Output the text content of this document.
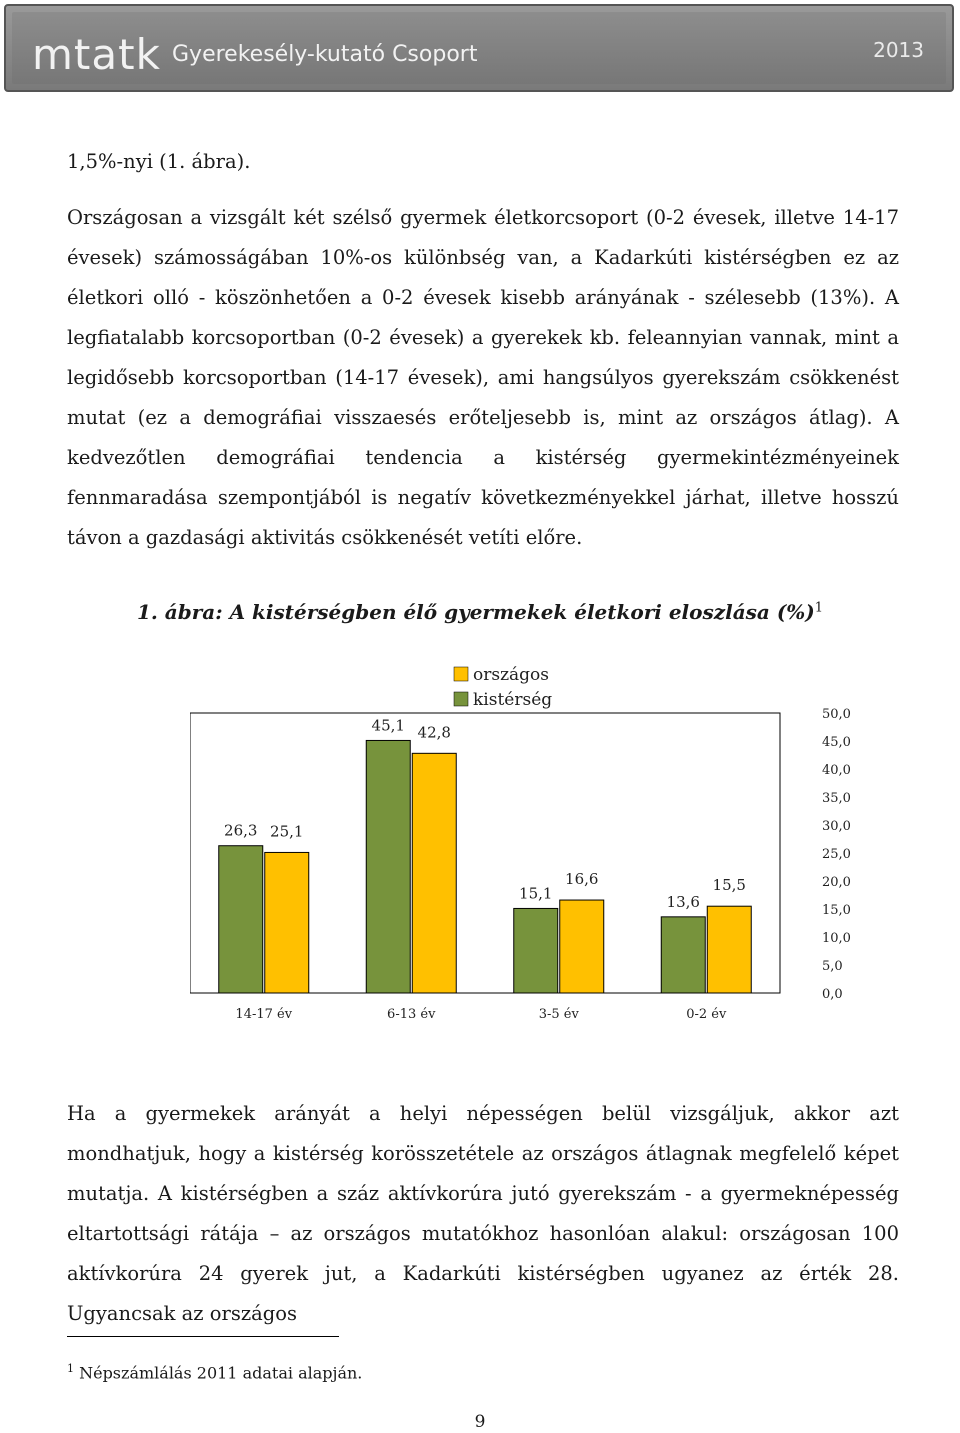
mtatk Gyerekesély-kutató Csoport	2013
1,5%-nyi (1. ábra).
Országosan a vizsgált két szélső gyermek életkorcsoport (0-2 évesek, illetve 14-17 évesek) számosságában 10%-os különbség van, a Kadarkúti kistérségben ez az életkori olló - köszönhetően a 0-2 évesek kisebb arányának - szélesebb (13%). A legfiatalabb korcsoportban (0-2 évesek) a gyerekek kb. feleannyian vannak, mint a legidősebb korcsoportban (14-17 évesek), ami hangsúlyos gyerekszám csökkenést mutat (ez a demográfiai visszaesés erőteljesebb is, mint az országos átlag). A kedvezőtlen demográfiai tendencia a kistérség gyermekintézményeinek fennmaradása szempontjából is negatív következményekkel járhat, illetve hosszú távon a gazdasági aktivitás csökkenését vetíti előre.
1. ábra: A kistérségben élő gyermekek életkori eloszlása (%)$^1$
0,0
5,0
10,0
15,0
20,0
25,0
30,0
35,0
40,0
45,0
50,0
26,3 25,1
14-17 év
45,1 42,8
6-13 év
15,1
16,6
3-5 év
13,6
15,5
0-2 év
országos
kistérség
Ha a gyermekek arányát a helyi népességen belül vizsgáljuk, akkor azt mondhatjuk, hogy a kistérség korösszetétele az országos átlagnak megfelelő képet mutatja. A kistérségben a száz aktívkorúra jutó gyerekszám - a gyermeknépesség eltartottsági rátája – az országos mutatókhoz hasonlóan alakul: országosan 100 aktívkorúra 24 gyerek jut, a Kadarkúti kistérségben ugyanez az érték 28. Ugyancsak az országos
$^1$ Népszámlálás 2011 adatai alapján.
9
